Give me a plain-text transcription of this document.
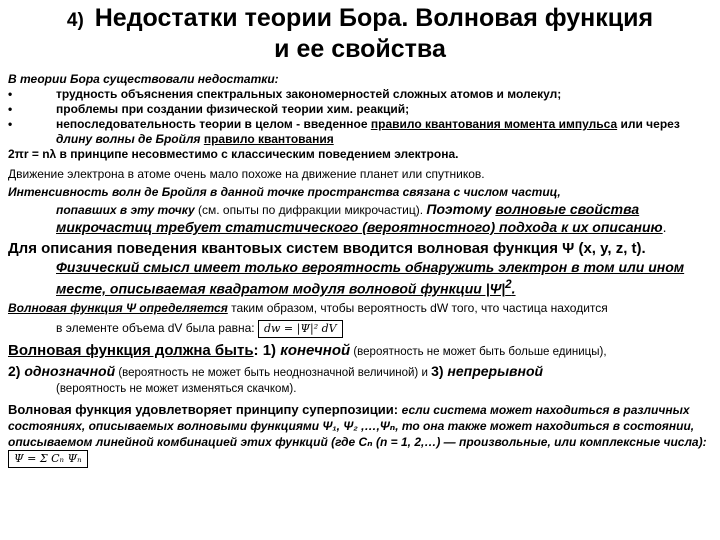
4) Недостатки теории Бора. Волновая функция
и ее свойства

В теории Бора существовали недостатки:

•	трудность объяснения спектральных закономерностей сложных атомов и молекул;
•	проблемы при создании физической теории хим. реакций;
•	непоследовательность теории в целом - введенное правило квантования момента импульса или через длину волны де Бройля правило квантования

2πr = nλ в принципе несовместимо с классическим поведением электрона.

Движение электрона в атоме очень мало похоже на движение планет или спутников.

Интенсивность волн де Бройля в данной точке пространства связана с числом частиц,

попавших в эту точку (см. опыты по дифракции микрочастиц). Поэтому волновые свойства микрочастиц требует статистического (вероятностного) подхода к их описанию.

Для описания поведения квантовых систем вводится волновая функция Ψ (x, y, z, t).

Физический смысл имеет только вероятность обнаружить электрон в том или ином месте, описываемая квадратом модуля волновой функции $|\Psi|^2$.

Волновая функция Ψ определяется таким образом, чтобы вероятность dW того, что частица находится

в элементе объема dV была равна: dw = |Ψ|² dV

Волновая функция должна быть: 1) конечной (вероятность не может быть больше единицы),

2) однозначной (вероятность не может быть неоднозначной величиной) и 3) непрерывной

(вероятность не может изменяться скачком).

Волновая функция удовлетворяет принципу суперпозиции: если система может находиться в различных состояниях, описываемых волновыми функциями Ψ₁, Ψ₂ ,…,Ψₙ, то она также может находиться в состоянии, описываемом линейной комбинацией этих функций (где Cₙ (n = 1, 2,…) — произвольные, или комплексные числа): Ψ = Σ Cₙ Ψₙ
